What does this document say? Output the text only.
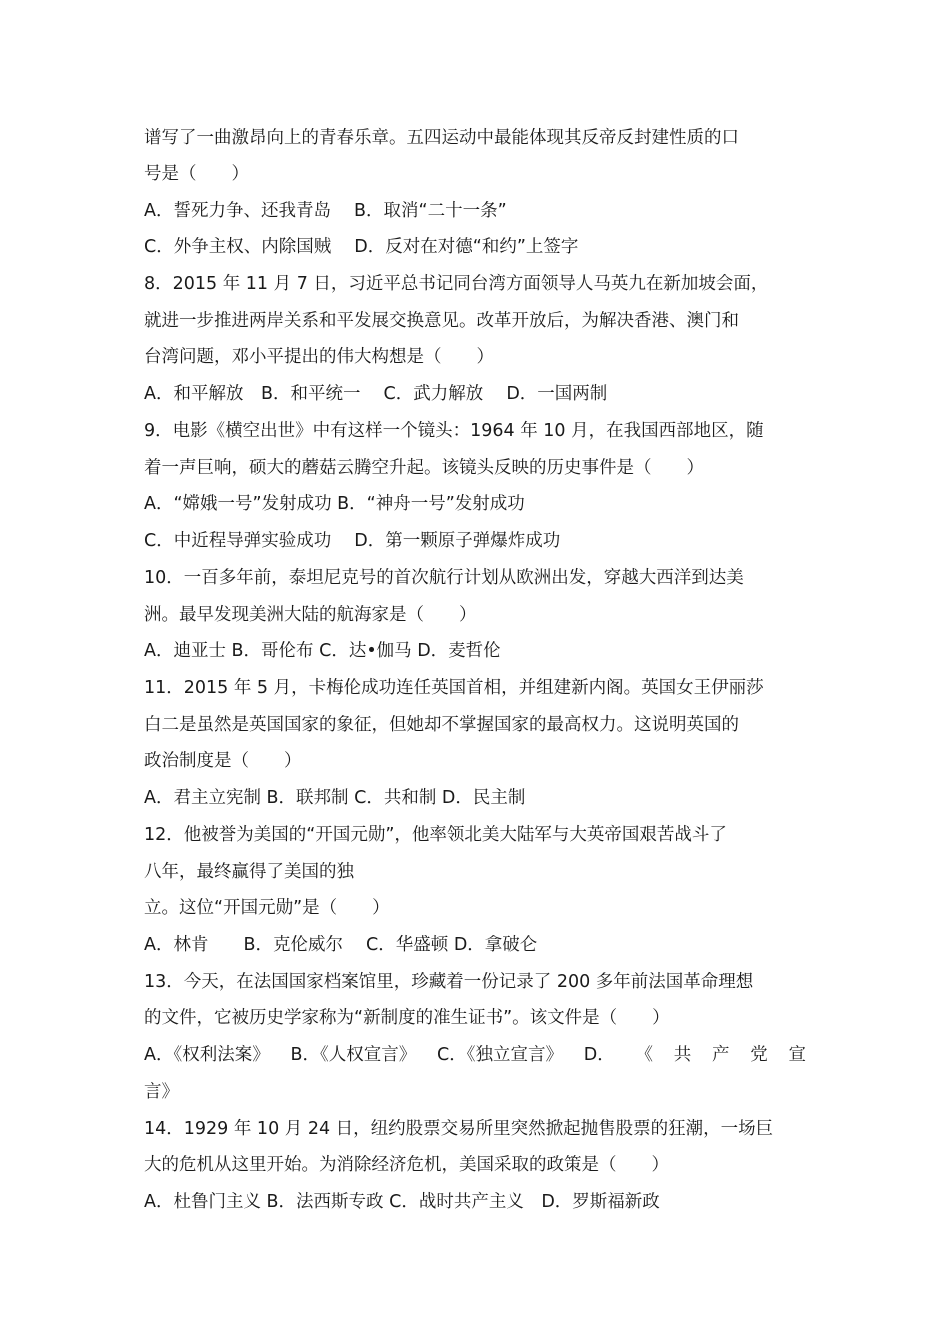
谱写了一曲激昂向上的青春乐章。五四运动中最能体现其反帝反封建性质的口

号是（　　）

A．誓死力争、还我青岛　 B．取消“二十一条”

C．外争主权、内除国贼　 D．反对在对德“和约”上签字

8．2015 年 11 月 7 日，习近平总书记同台湾方面领导人马英九在新加坡会面，

就进一步推进两岸关系和平发展交换意见。改革开放后，为解决香港、澳门和

台湾问题，邓小平提出的伟大构想是（　　）

A．和平解放　B．和平统一　 C．武力解放　 D．一国两制

9．电影《横空出世》中有这样一个镜头：1964 年 10 月，在我国西部地区，随

着一声巨响，硕大的蘑菇云腾空升起。该镜头反映的历史事件是（　　）

A．“嫦娥一号”发射成功 B．“神舟一号”发射成功

C．中近程导弹实验成功　 D．第一颗原子弹爆炸成功

10．一百多年前，泰坦尼克号的首次航行计划从欧洲出发，穿越大西洋到达美

洲。最早发现美洲大陆的航海家是（　　）

A．迪亚士 B．哥伦布 C．达•伽马 D．麦哲伦

11．2015 年 5 月，卡梅伦成功连任英国首相，并组建新内阁。英国女王伊丽莎

白二是虽然是英国国家的象征，但她却不掌握国家的最高权力。这说明英国的

政治制度是（　　）

A．君主立宪制 B．联邦制 C．共和制 D．民主制

12．他被誉为美国的“开国元勋”，他率领北美大陆军与大英帝国艰苦战斗了

八年，最终赢得了美国的独

立。这位“开国元勋”是（　　）

A．林肯　　B．克伦威尔　 C．华盛顿 D．拿破仑

13．今天，在法国国家档案馆里，珍藏着一份记录了 200 多年前法国革命理想

的文件，它被历史学家称为“新制度的准生证书”。该文件是（　　）

A．《权利法案》 B．《人权宣言》 C．《独立宣言》 D． 《 共 产 党 宣

言》

14．1929 年 10 月 24 日，纽约股票交易所里突然掀起抛售股票的狂潮，一场巨

大的危机从这里开始。为消除经济危机，美国采取的政策是（　　）

A．杜鲁门主义 B．法西斯专政 C．战时共产主义　D．罗斯福新政
